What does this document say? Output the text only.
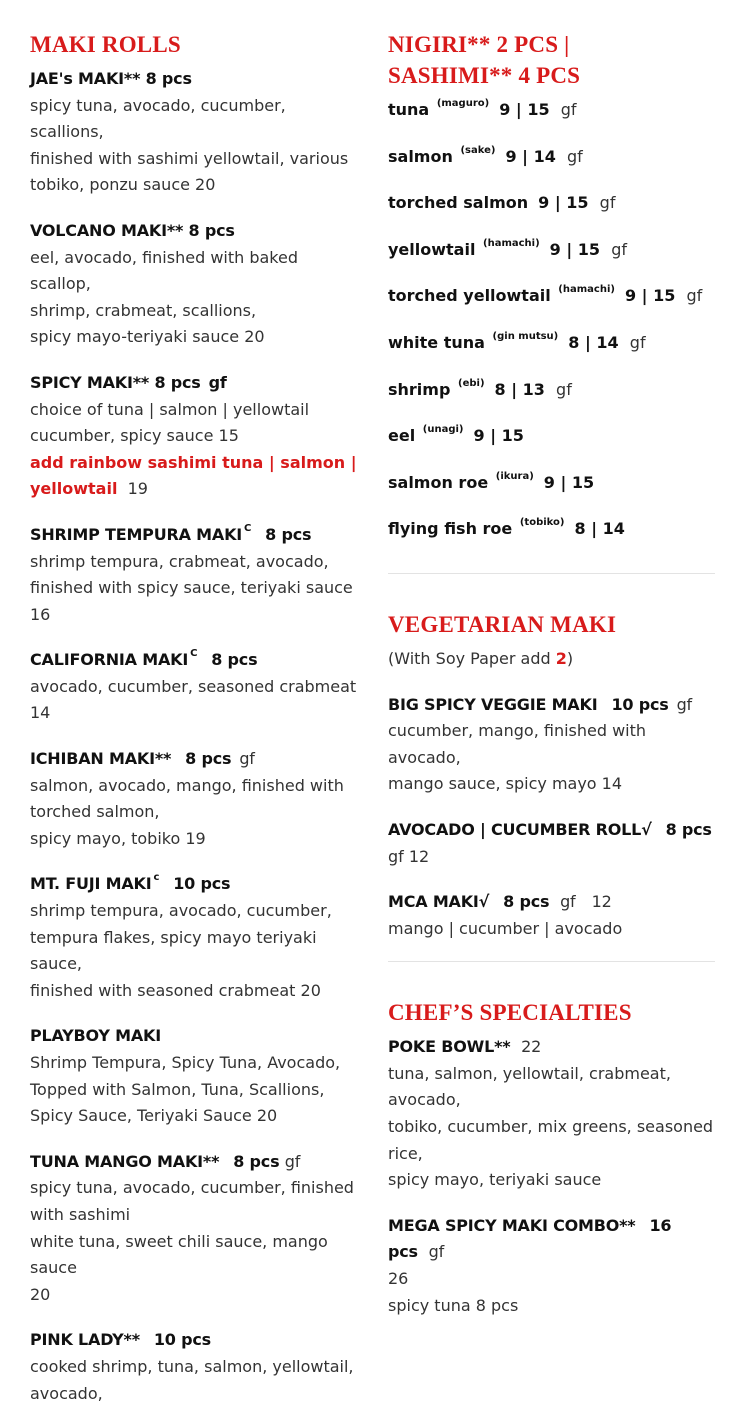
MAKI ROLLS
JAE's MAKI** 8 pcs
spicy tuna, avocado, cucumber, scallions,
finished with sashimi yellowtail, various
tobiko, ponzu sauce 20
VOLCANO MAKI** 8 pcs
eel, avocado, finished with baked scallop,
shrimp, crabmeat, scallions,
spicy mayo-teriyaki sauce 20
SPICY MAKI** 8 pcs gf
choice of tuna | salmon | yellowtail
cucumber, spicy sauce 15
add rainbow sashimi tuna | salmon |
yellowtail 19
SHRIMP TEMPURA MAKI $^C$ 8 pcs
shrimp tempura, crabmeat, avocado,
finished with spicy sauce, teriyaki sauce 16
CALIFORNIA MAKI $^C$ 8 pcs
avocado, cucumber, seasoned crabmeat
14
ICHIBAN MAKI** 8 pcs gf
salmon, avocado, mango, finished with
torched salmon,
spicy mayo, tobiko 19
MT. FUJI MAKI $^c$ 10 pcs
shrimp tempura, avocado, cucumber,
tempura flakes, spicy mayo teriyaki sauce,
finished with seasoned crabmeat 20
PLAYBOY MAKI
Shrimp Tempura, Spicy Tuna, Avocado,
Topped with Salmon, Tuna, Scallions,
Spicy Sauce, Teriyaki Sauce 20
TUNA MANGO MAKI** 8 pcs gf
spicy tuna, avocado, cucumber, finished
with sashimi
white tuna, sweet chili sauce, mango sauce
20
PINK LADY** 10 pcs
cooked shrimp, tuna, salmon, yellowtail,
avocado,
NIGIRI** 2 PCS |
SASHIMI** 4 PCS
tuna $^{(maguro)}$ 9 | 15 gf
salmon $^{(sake)}$ 9 | 14 gf
torched salmon 9 | 15 gf
yellowtail $^{(hamachi)}$ 9 | 15 gf
torched yellowtail $^{(hamachi)}$ 9 | 15 gf
white tuna $^{(gin mutsu)}$ 8 | 14 gf
shrimp $^{(ebi)}$ 8 | 13 gf
eel $^{(unagi)}$ 9 | 15
salmon roe $^{(ikura)}$ 9 | 15
flying fish roe $^{(tobiko)}$ 8 | 14
VEGETARIAN MAKI
(With Soy Paper add 2)
BIG SPICY VEGGIE MAKI 10 pcs gf
cucumber, mango, finished with avocado,
mango sauce, spicy mayo 14
AVOCADO | CUCUMBER ROLL√ 8 pcs
gf 12
MCA MAKI√ 8 pcs gf 12
mango | cucumber | avocado
CHEF’S SPECIALTIES
POKE BOWL** 22
tuna, salmon, yellowtail, crabmeat,
avocado,
tobiko, cucumber, mix greens, seasoned
rice,
spicy mayo, teriyaki sauce
MEGA SPICY MAKI COMBO** 16 pcs gf
26
spicy tuna 8 pcs
